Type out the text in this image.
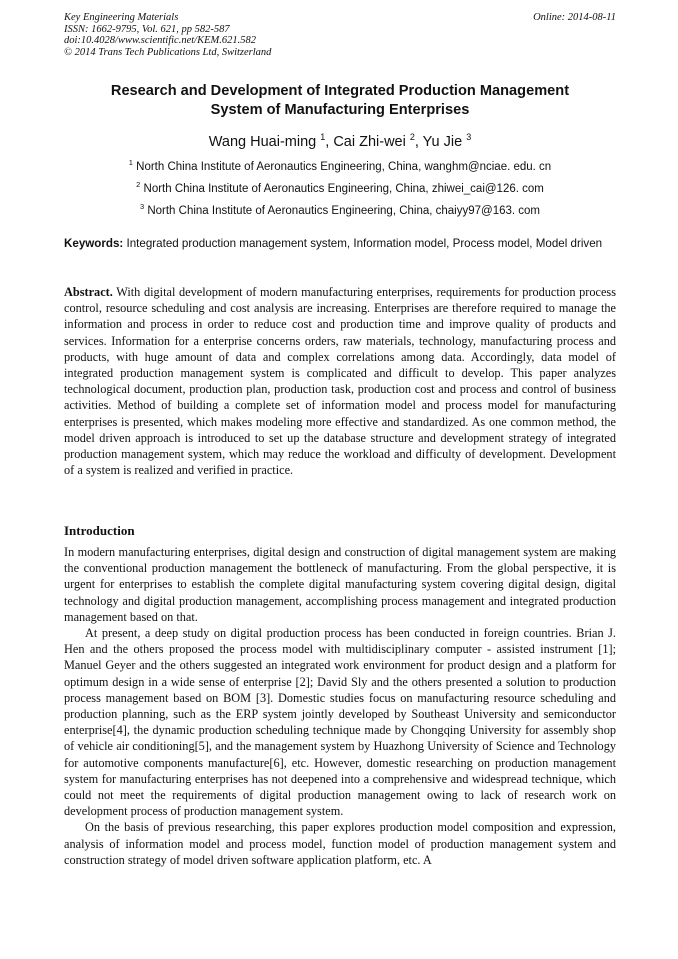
Key Engineering Materials
ISSN: 1662-9795, Vol. 621, pp 582-587
doi:10.4028/www.scientific.net/KEM.621.582
© 2014 Trans Tech Publications Ltd, Switzerland
Online: 2014-08-11
Research and Development of Integrated Production Management
System of Manufacturing Enterprises
Wang Huai-ming $^1$, Cai Zhi-wei $^2$, Yu Jie $^3$
$^1$ North China Institute of Aeronautics Engineering, China, wanghm@nciae. edu. cn
$^2$ North China Institute of Aeronautics Engineering, China, zhiwei_cai@126. com
$^3$ North China Institute of Aeronautics Engineering, China, chaiyy97@163. com
Keywords: Integrated production management system, Information model, Process model, Model driven
Abstract. With digital development of modern manufacturing enterprises, requirements for production process control, resource scheduling and cost analysis are increasing. Enterprises are therefore required to manage the information and process in order to reduce cost and production time and improve quality of products and services. Information for a enterprise concerns orders, raw materials, technology, manufacturing process and products, with huge amount of data and complex correlations among data. Accordingly, data model of integrated production management system is complicated and difficult to develop. This paper analyzes technological document, production plan, production task, production cost and process and control of business activities. Method of building a complete set of information model and process model for manufacturing enterprises is presented, which makes modeling more effective and standardized. As one common method, the model driven approach is introduced to set up the database structure and development strategy of integrated production management system, which may reduce the workload and difficulty of development. Development of a system is realized and verified in practice.
Introduction

In modern manufacturing enterprises, digital design and construction of digital management system are making the conventional production management the bottleneck of manufacturing. From the global perspective, it is urgent for enterprises to establish the complete digital manufacturing system covering digital design, digital technology and digital production management, accomplishing process management and integrated production management based on that.

At present, a deep study on digital production process has been conducted in foreign countries. Brian J. Hen and the others proposed the process model with multidisciplinary computer - assisted instrument [1]; Manuel Geyer and the others suggested an integrated work environment for product design and a platform for optimum design in a wide sense of enterprise [2]; David Sly and the others presented a solution to production process management based on BOM [3]. Domestic studies focus on manufacturing resource scheduling and production planning, such as the ERP system jointly developed by Southeast University and semiconductor enterprise[4], the dynamic production scheduling technique made by Chongqing University for assembly shop of vehicle air conditioning[5], and the management system by Huazhong University of Science and Technology for automotive components manufacture[6], etc. However, domestic researching on production management system for manufacturing enterprises has not deepened into a comprehensive and widespread technique, which could not meet the requirements of digital production management owing to lack of research work on development process of production management system.

On the basis of previous researching, this paper explores production model composition and expression, analysis of information model and process model, function model of production management system and construction strategy of model driven software application platform, etc. A
